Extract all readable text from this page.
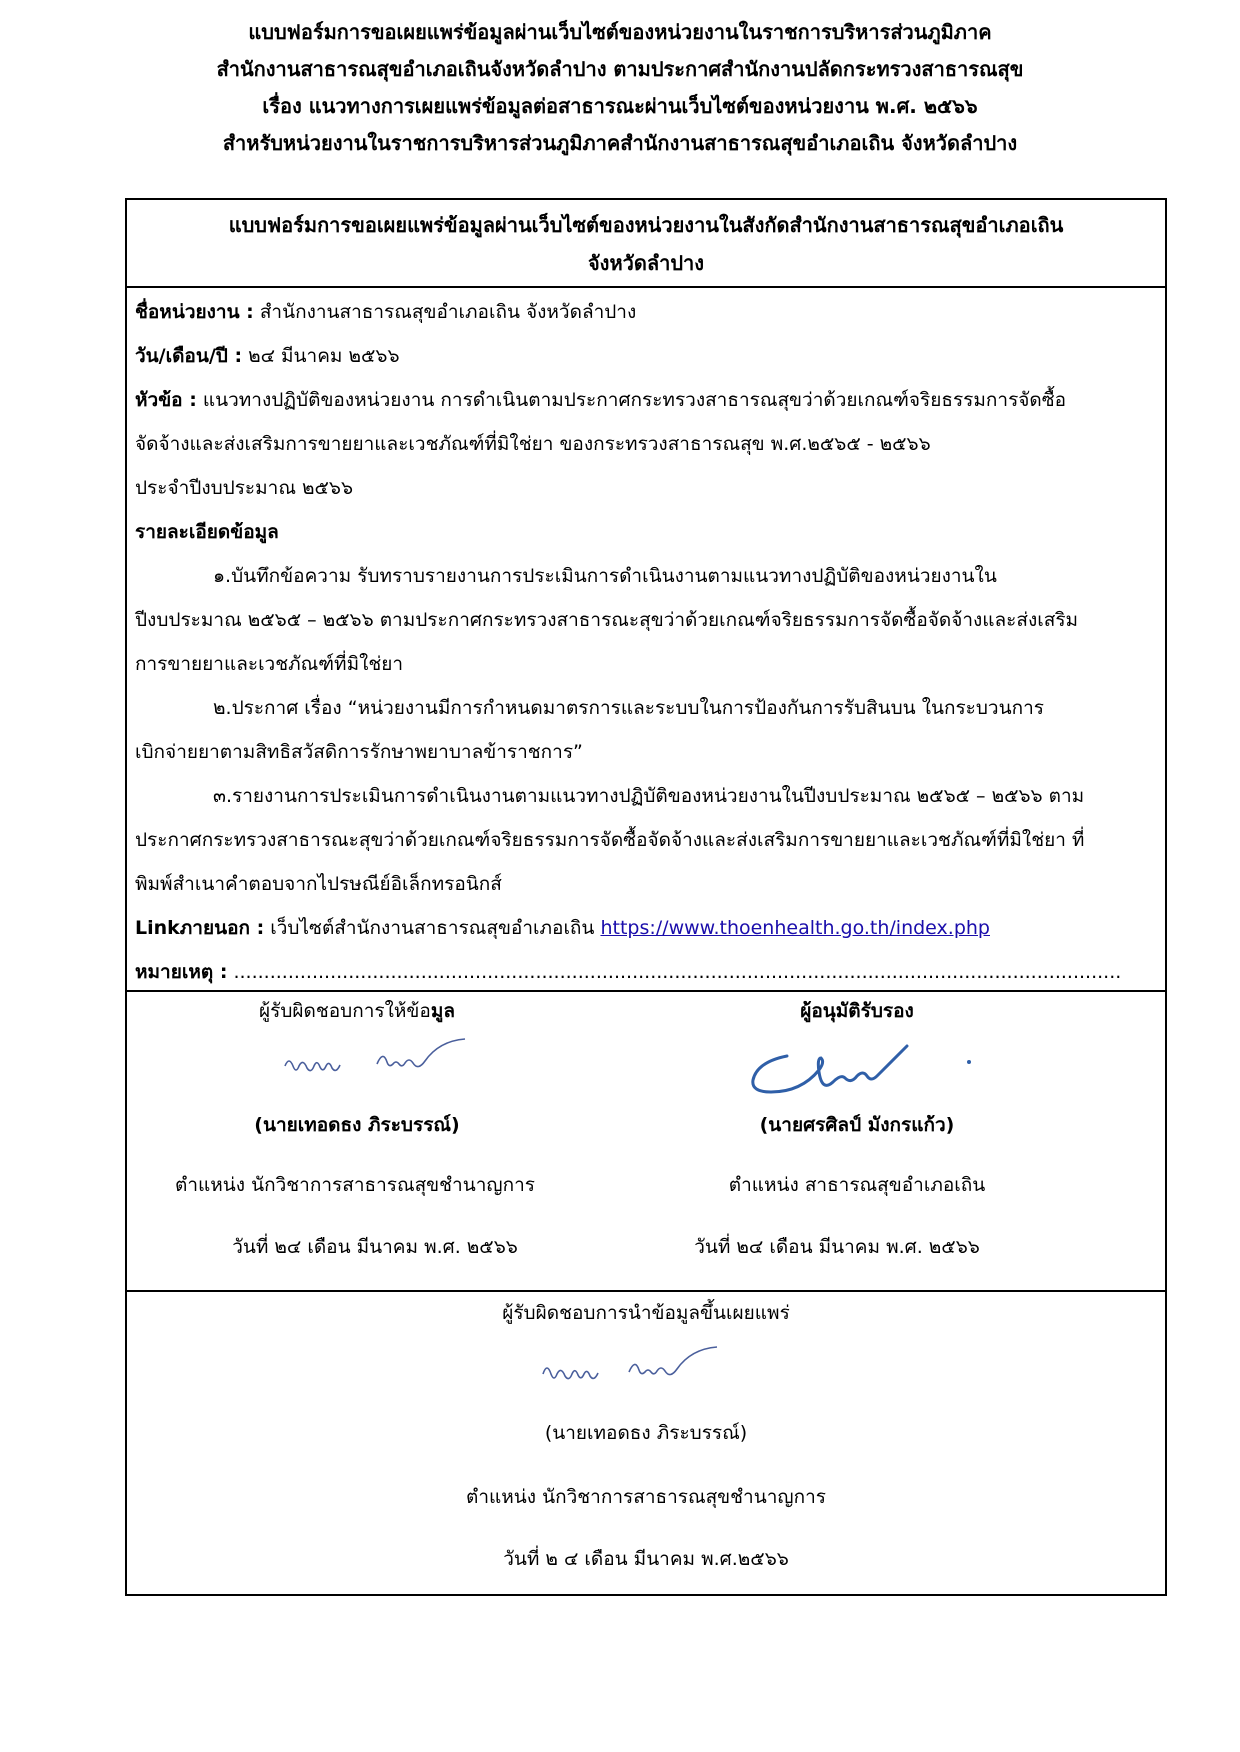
แบบฟอร์มการขอเผยแพร่ข้อมูลผ่านเว็บไซต์ของหน่วยงานในราชการบริหารส่วนภูมิภาค
สำนักงานสาธารณสุขอำเภอเถินจังหวัดลำปาง ตามประกาศสำนักงานปลัดกระทรวงสาธารณสุข
เรื่อง แนวทางการเผยแพร่ข้อมูลต่อสาธารณะผ่านเว็บไซต์ของหน่วยงาน พ.ศ. ๒๕๖๖
สำหรับหน่วยงานในราชการบริหารส่วนภูมิภาคสำนักงานสาธารณสุขอำเภอเถิน จังหวัดลำปาง
แบบฟอร์มการขอเผยแพร่ข้อมูลผ่านเว็บไซต์ของหน่วยงานในสังกัดสำนักงานสาธารณสุขอำเภอเถิน
จังหวัดลำปาง
ชื่อหน่วยงาน : สำนักงานสาธารณสุขอำเภอเถิน จังหวัดลำปาง
วัน/เดือน/ปี : ๒๔ มีนาคม ๒๕๖๖
หัวข้อ : แนวทางปฏิบัติของหน่วยงาน การดำเนินตามประกาศกระทรวงสาธารณสุขว่าด้วยเกณฑ์จริยธรรมการจัดซื้อ
จัดจ้างและส่งเสริมการขายยาและเวชภัณฑ์ที่มิใช่ยา ของกระทรวงสาธารณสุข พ.ศ.๒๕๖๕ - ๒๕๖๖
ประจำปีงบประมาณ ๒๕๖๖
รายละเอียดข้อมูล
๑.บันทึกข้อความ รับทราบรายงานการประเมินการดำเนินงานตามแนวทางปฏิบัติของหน่วยงานใน
ปีงบประมาณ ๒๕๖๕ – ๒๕๖๖ ตามประกาศกระทรวงสาธารณะสุขว่าด้วยเกณฑ์จริยธรรมการจัดซื้อจัดจ้างและส่งเสริม
การขายยาและเวชภัณฑ์ที่มิใช่ยา
๒.ประกาศ เรื่อง “หน่วยงานมีการกำหนดมาตรการและระบบในการป้องกันการรับสินบน ในกระบวนการ
เบิกจ่ายยาตามสิทธิสวัสดิการรักษาพยาบาลข้าราชการ”
๓.รายงานการประเมินการดำเนินงานตามแนวทางปฏิบัติของหน่วยงานในปีงบประมาณ ๒๕๖๕ – ๒๕๖๖ ตาม
ประกาศกระทรวงสาธารณะสุขว่าด้วยเกณฑ์จริยธรรมการจัดซื้อจัดจ้างและส่งเสริมการขายยาและเวชภัณฑ์ที่มิใช่ยา ที่
พิมพ์สำเนาคำตอบจากไปรษณีย์อิเล็กทรอนิกส์
Linkภายนอก : เว็บไซต์สำนักงานสาธารณสุขอำเภอเถิน https://www.thoenhealth.go.th/index.php
หมายเหตุ : ...................................................................................................................................................
ผู้รับผิดชอบการให้ข้อมูล
(นายเทอดธง ภิระบรรณ์)
ตำแหน่ง นักวิชาการสาธารณสุขชำนาญการ
วันที่ ๒๔ เดือน มีนาคม พ.ศ. ๒๕๖๖
ผู้อนุมัติรับรอง
(นายศรศิลป์ มังกรแก้ว)
ตำแหน่ง สาธารณสุขอำเภอเถิน
วันที่ ๒๔ เดือน มีนาคม พ.ศ. ๒๕๖๖
ผู้รับผิดชอบการนำข้อมูลขึ้นเผยแพร่
(นายเทอดธง ภิระบรรณ์)
ตำแหน่ง นักวิชาการสาธารณสุขชำนาญการ
วันที่ ๒ ๔ เดือน มีนาคม พ.ศ.๒๕๖๖
